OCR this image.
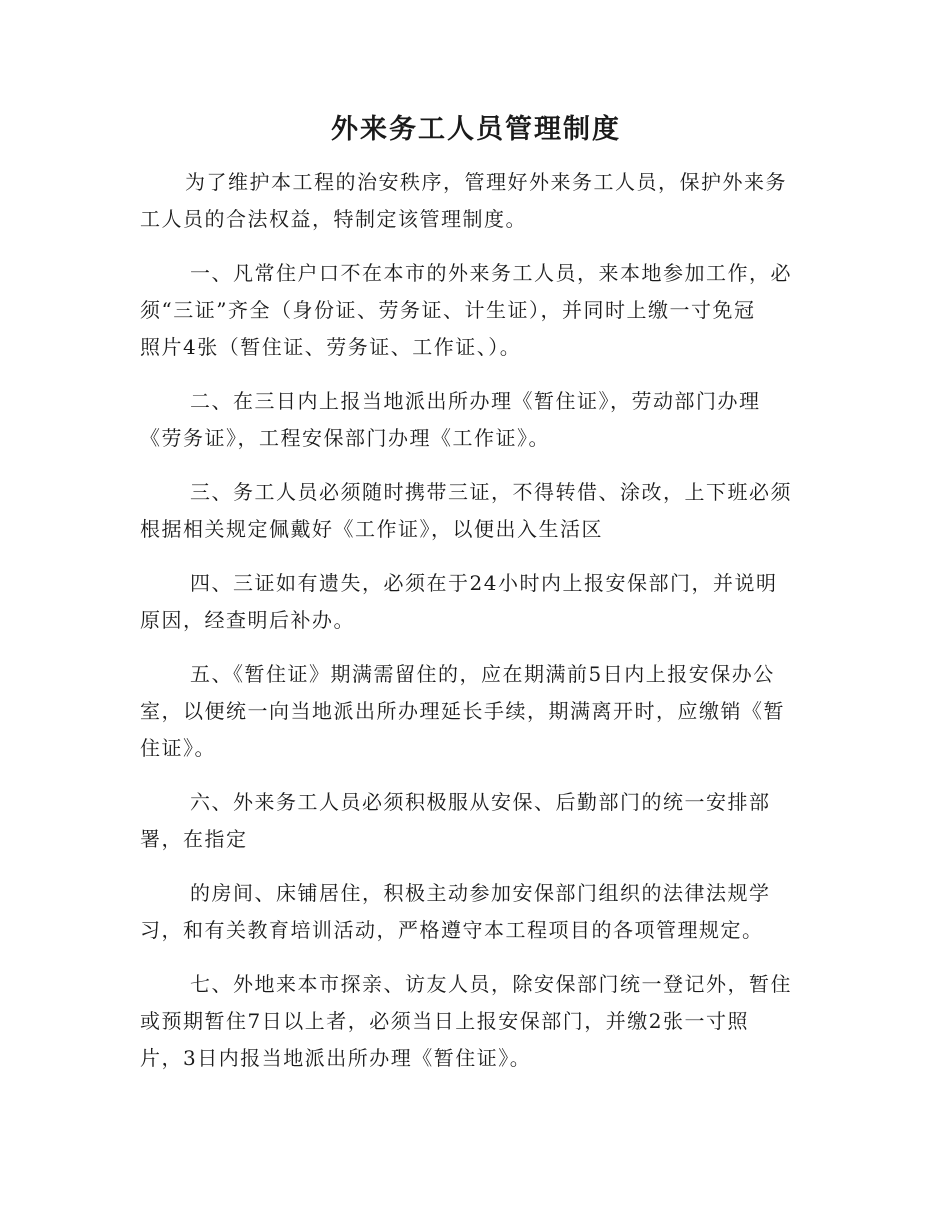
外来务工人员管理制度

为了维护本工程的治安秩序，管理好外来务工人员，保护外来务
工人员的合法权益，特制定该管理制度。

一、凡常住户口不在本市的外来务工人员，来本地参加工作，必
须“三证”齐全（身份证、劳务证、计生证），并同时上缴一寸免冠
照片4张（暂住证、劳务证、工作证、）。

二、在三日内上报当地派出所办理《暂住证》，劳动部门办理
《劳务证》，工程安保部门办理《工作证》。

三、务工人员必须随时携带三证，不得转借、涂改，上下班必须
根据相关规定佩戴好《工作证》，以便出入生活区

四、三证如有遗失，必须在于24小时内上报安保部门，并说明
原因，经查明后补办。

五、《暂住证》期满需留住的，应在期满前5日内上报安保办公
室，以便统一向当地派出所办理延长手续，期满离开时，应缴销《暂
住证》。

六、外来务工人员必须积极服从安保、后勤部门的统一安排部
署，在指定

的房间、床铺居住，积极主动参加安保部门组织的法律法规学
习，和有关教育培训活动，严格遵守本工程项目的各项管理规定。

七、外地来本市探亲、访友人员，除安保部门统一登记外，暂住
或预期暂住7日以上者，必须当日上报安保部门，并缴2张一寸照
片，3日内报当地派出所办理《暂住证》。
